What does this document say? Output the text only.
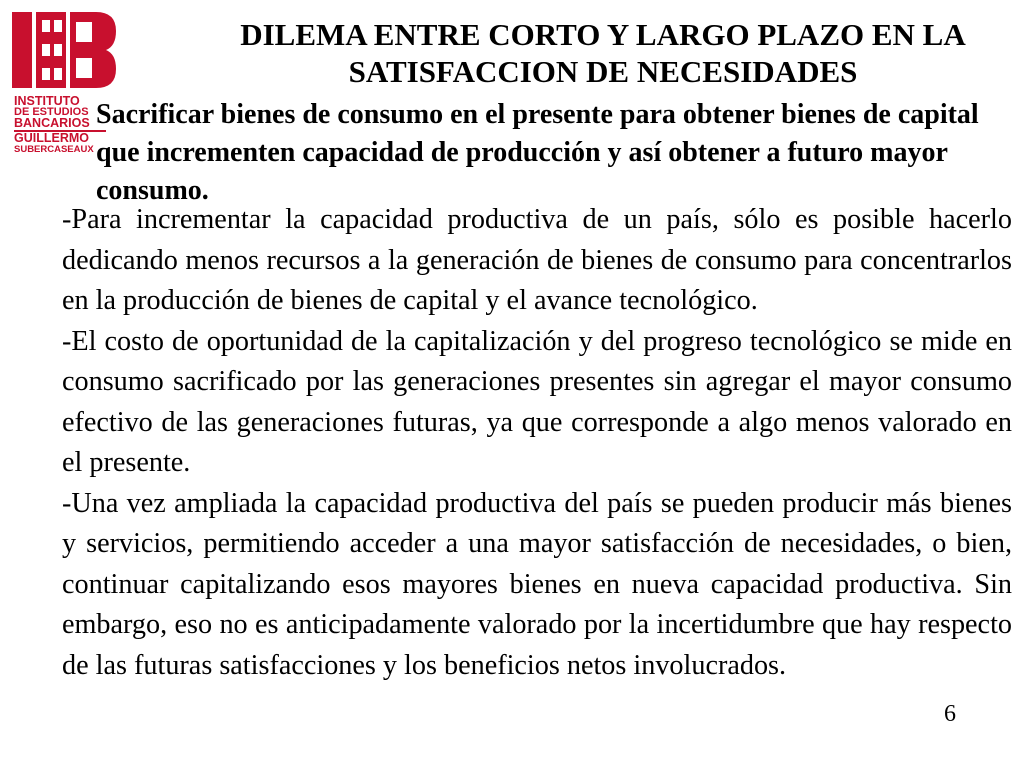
INSTITUTO
DE ESTUDIOS
BANCARIOS
GUILLERMO
SUBERCASEAUX
DILEMA ENTRE CORTO Y LARGO PLAZO EN LA SATISFACCION DE NECESIDADES
Sacrificar bienes de consumo en el presente para obtener bienes de capital que incrementen capacidad de producción y así obtener a futuro mayor consumo.

-Para incrementar la capacidad productiva de un país, sólo es posible hacerlo dedicando menos recursos a la generación de bienes de consumo para concentrarlos en la producción de bienes de capital y el avance tecnológico.

-El costo de oportunidad de la capitalización y del progreso tecnológico se mide en consumo sacrificado por las generaciones presentes sin agregar el mayor consumo efectivo de las generaciones futuras, ya que corresponde a algo menos valorado en el presente.

-Una vez ampliada la capacidad productiva del país se pueden producir más bienes y servicios, permitiendo acceder a una mayor satisfacción de necesidades, o bien, continuar capitalizando esos mayores bienes en nueva capacidad productiva. Sin embargo, eso no es anticipadamente valorado por la incertidumbre que hay respecto de las futuras satisfacciones y los beneficios netos involucrados.

6
